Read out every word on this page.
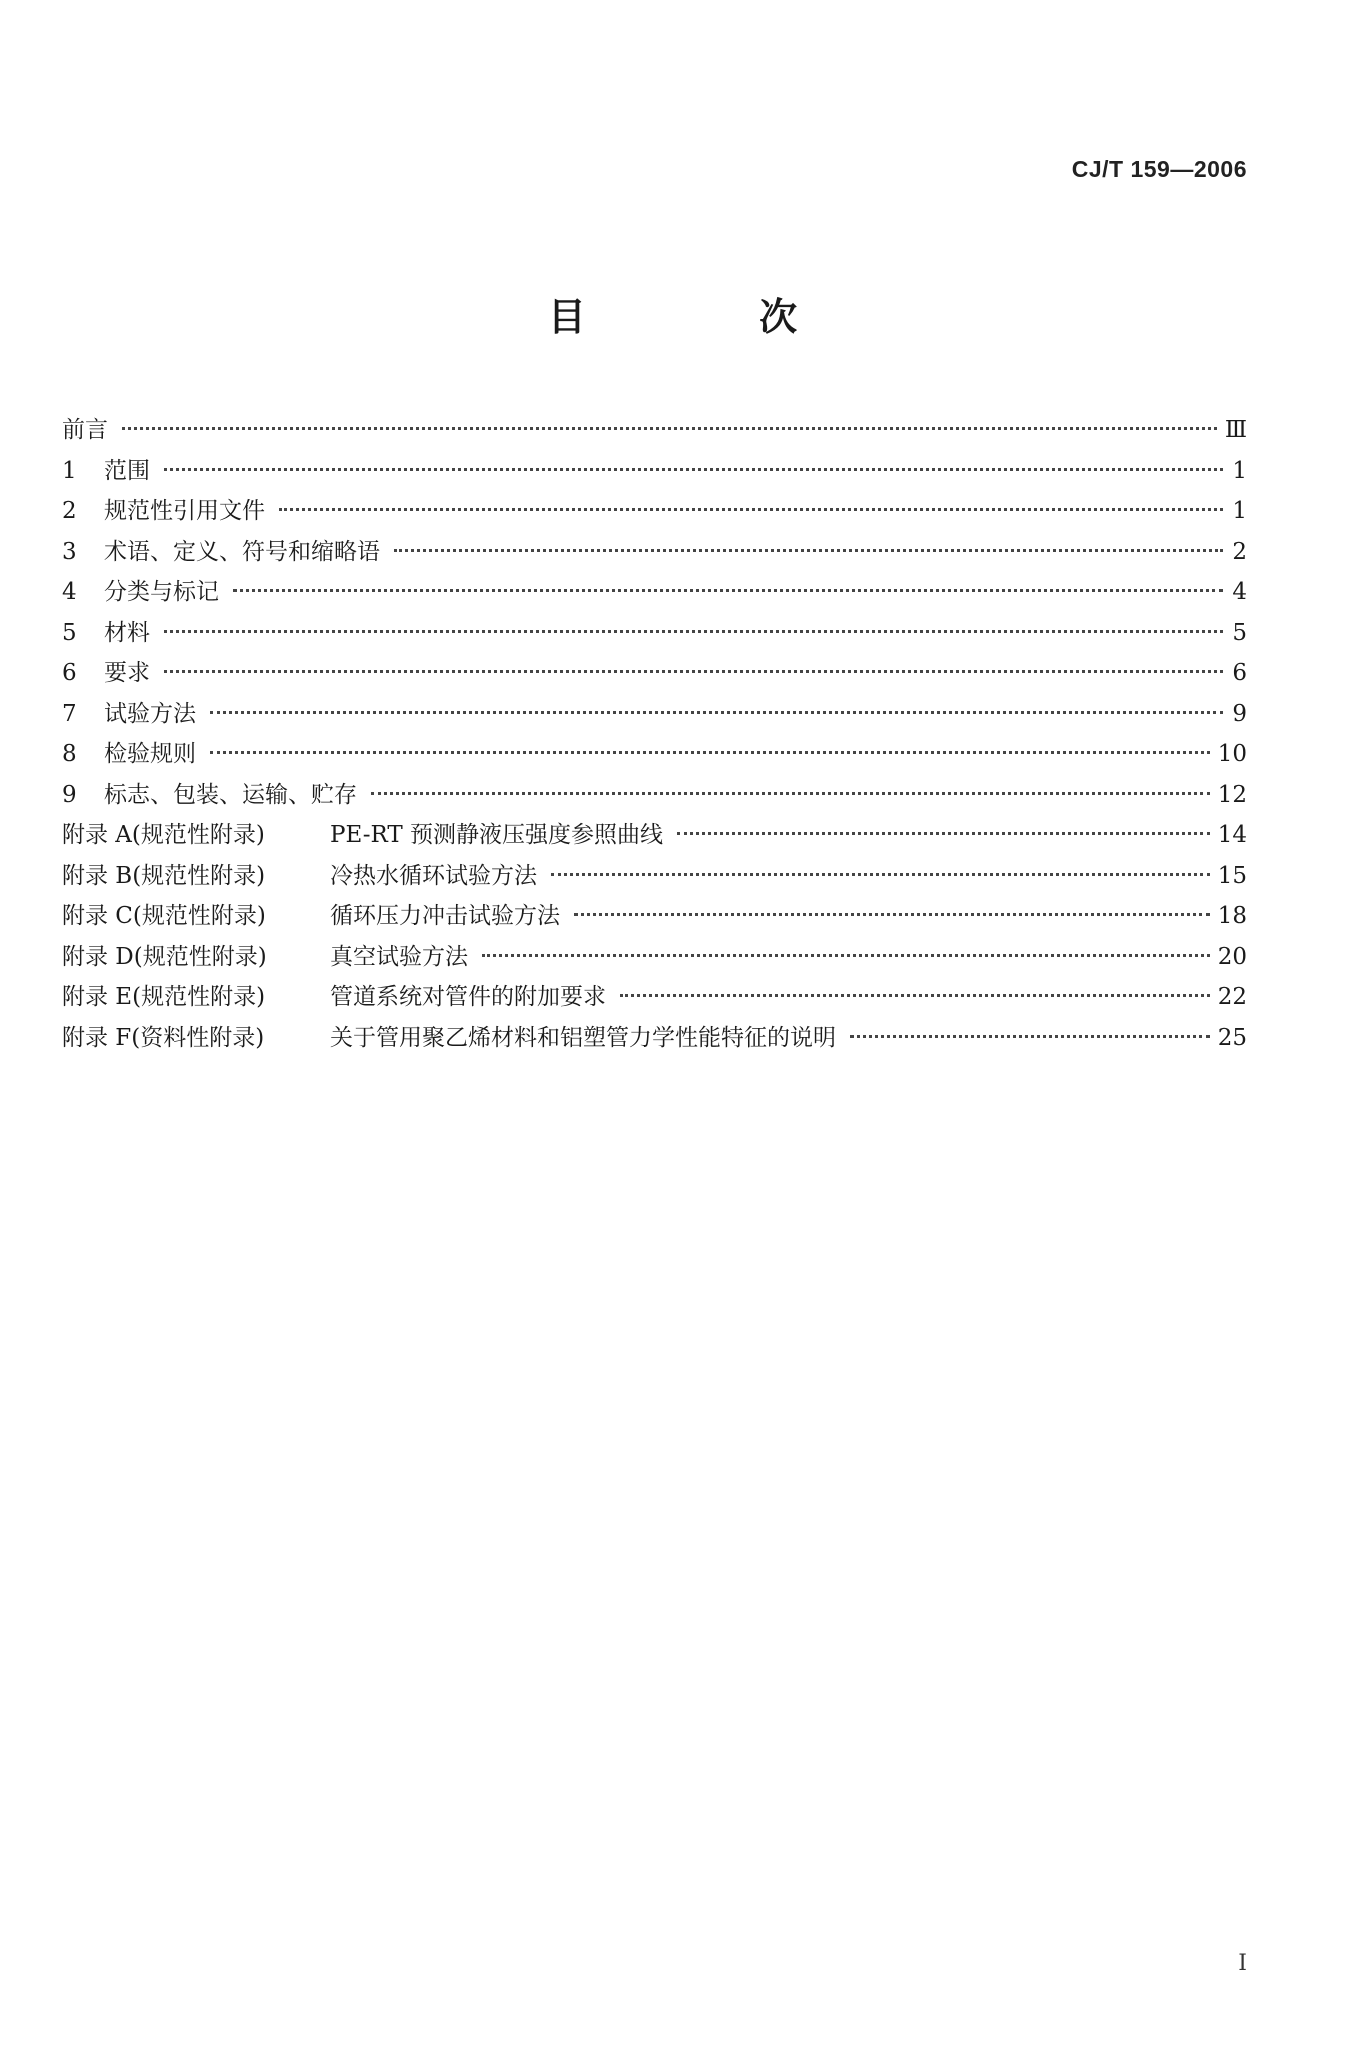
CJ/T 159—2006
目 次
前言	Ⅲ
1	范围	1
2	规范性引用文件	1
3	术语、定义、符号和缩略语	2
4	分类与标记	4
5	材料	5
6	要求	6
7	试验方法	9
8	检验规则	10
9	标志、包装、运输、贮存	12
附录 A(规范性附录)	PE-RT 预测静液压强度参照曲线	14
附录 B(规范性附录)	冷热水循环试验方法	15
附录 C(规范性附录)	循环压力冲击试验方法	18
附录 D(规范性附录)	真空试验方法	20
附录 E(规范性附录)	管道系统对管件的附加要求	22
附录 F(资料性附录)	关于管用聚乙烯材料和铝塑管力学性能特征的说明	25
I
